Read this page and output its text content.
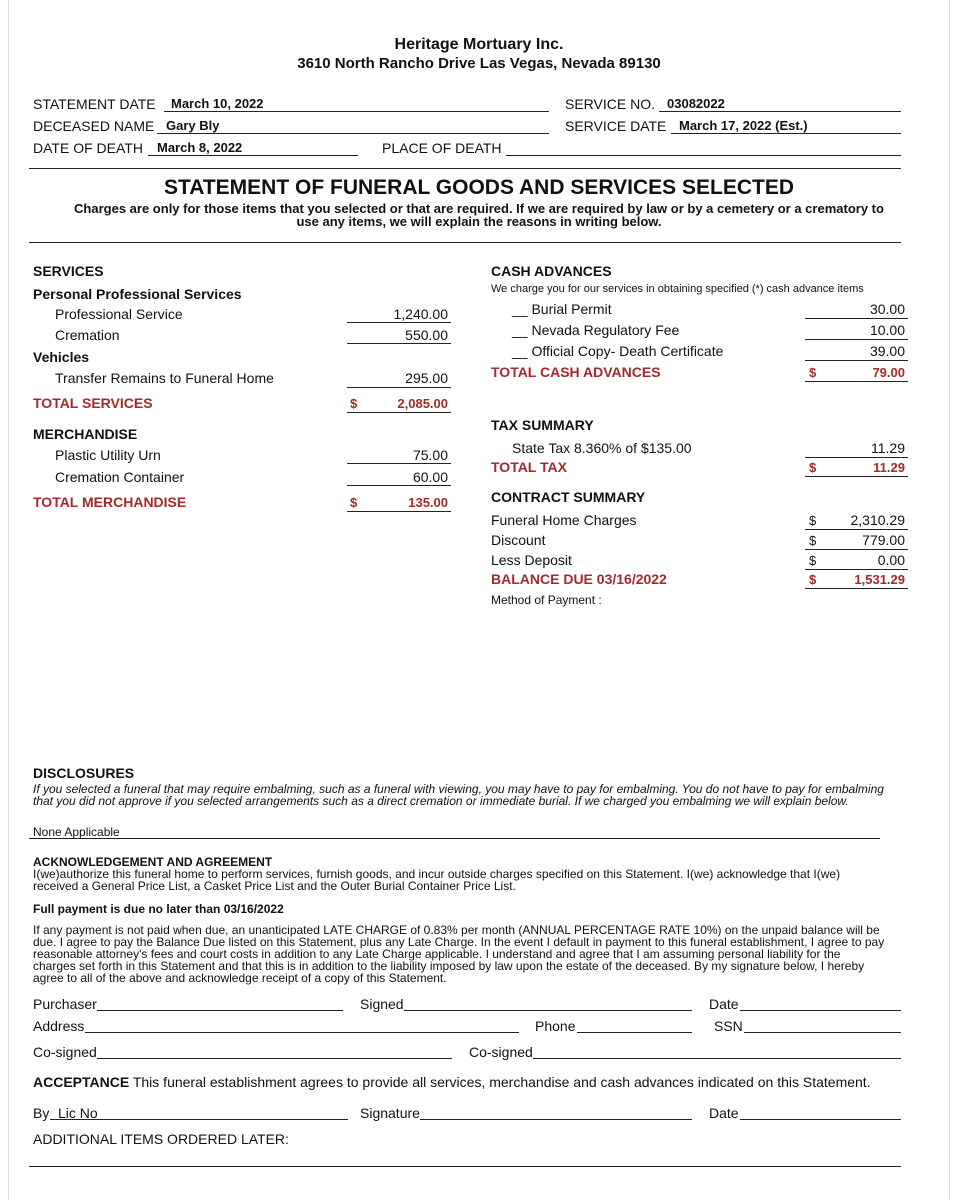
Heritage Mortuary Inc.
3610 North Rancho Drive Las Vegas, Nevada 89130
STATEMENT DATE March 10, 2022	SERVICE NO. 03082022
DECEASED NAME Gary Bly	SERVICE DATE March 17, 2022 (Est.)
DATE OF DEATH March 8, 2022	PLACE OF DEATH
STATEMENT OF FUNERAL GOODS AND SERVICES SELECTED
Charges are only for those items that you selected or that are required. If we are required by law or by a cemetery or a crematory to
use any items, we will explain the reasons in writing below.
SERVICES
Personal Professional Services
Professional Service	1,240.00
Cremation	550.00
Vehicles
Transfer Remains to Funeral Home	295.00
TOTAL SERVICES	$	2,085.00
MERCHANDISE
Plastic Utility Urn	75.00
Cremation Container	60.00
TOTAL MERCHANDISE	$	135.00
CASH ADVANCES
We charge you for our services in obtaining specified (*) cash advance items
__ Burial Permit	30.00
__ Nevada Regulatory Fee	10.00
__ Official Copy- Death Certificate	39.00
TOTAL CASH ADVANCES	$	79.00
TAX SUMMARY
State Tax 8.360% of $135.00	11.29
TOTAL TAX	$	11.29
CONTRACT SUMMARY
Funeral Home Charges	$	2,310.29
Discount	$	779.00
Less Deposit	$	0.00
BALANCE DUE 03/16/2022	$	1,531.29
Method of Payment :
DISCLOSURES
If you selected a funeral that may require embalming, such as a funeral with viewing, you may have to pay for embalming. You do not have to pay for embalming that you did not approve if you selected arrangements such as a direct cremation or immediate burial. If we charged you embalming we will explain below.
None Applicable
ACKNOWLEDGEMENT AND AGREEMENT
I(we)authorize this funeral home to perform services, furnish goods, and incur outside charges specified on this Statement. I(we) acknowledge that I(we) received a General Price List, a Casket Price List and the Outer Burial Container Price List.
Full payment is due no later than 03/16/2022
If any payment is not paid when due, an unanticipated LATE CHARGE of 0.83% per month (ANNUAL PERCENTAGE RATE 10%) on the unpaid balance will be due. I agree to pay the Balance Due listed on this Statement, plus any Late Charge. In the event I default in payment to this funeral establishment, I agree to pay reasonable attorney's fees and court costs in addition to any Late Charge applicable. I understand and agree that I am assuming personal liability for the charges set forth in this Statement and that this is in addition to the liability imposed by law upon the estate of the deceased. By my signature below, I hereby agree to all of the above and acknowledge receipt of a copy of this Statement.
Purchaser	Signed	Date
Address	Phone	SSN
Co-signed	Co-signed
ACCEPTANCE This funeral establishment agrees to provide all services, merchandise and cash advances indicated on this Statement.
By Lic No	Signature	Date
ADDITIONAL ITEMS ORDERED LATER:
